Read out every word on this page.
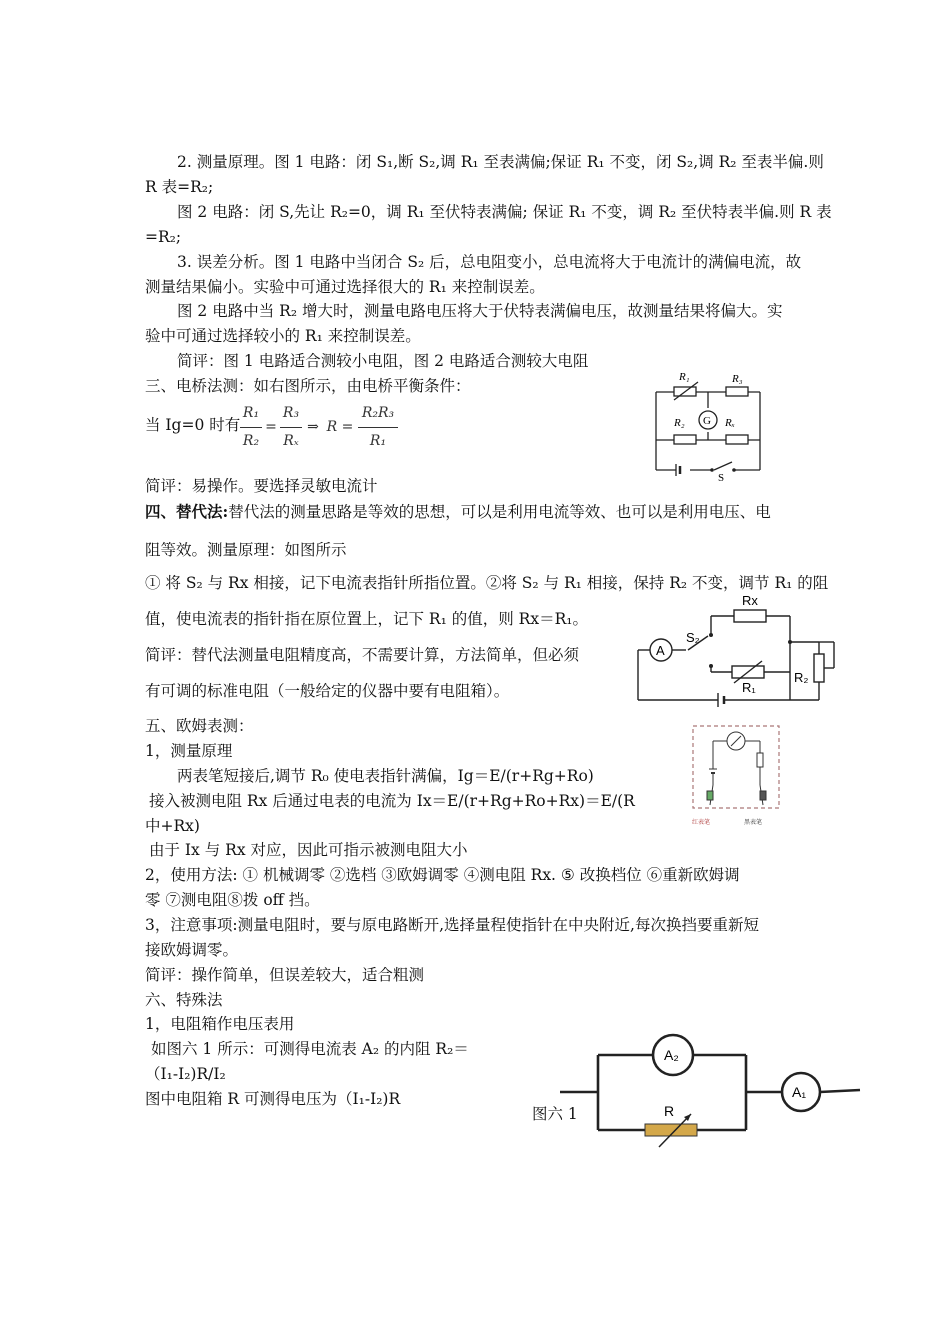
2. 测量原理。图 1 电路：闭 S₁,断 S₂,调 R₁ 至表满偏;保证 R₁ 不变，闭 S₂,调 R₂ 至表半偏.则
R 表=R₂;
图 2 电路：闭 S,先让 R₂=0，调 R₁ 至伏特表满偏; 保证 R₁ 不变，调 R₂ 至伏特表半偏.则 R 表
=R₂;
3. 误差分析。图 1 电路中当闭合 S₂ 后，总电阻变小，总电流将大于电流计的满偏电流，故
测量结果偏小。实验中可通过选择很大的 R₁ 来控制误差。
图 2 电路中当 R₂ 增大时，测量电路电压将大于伏特表满偏电压，故测量结果将偏大。实
验中可通过选择较小的 R₁ 来控制误差。
简评：图 1 电路适合测较小电阻，图 2 电路适合测较大电阻
三、电桥法测：如右图所示，由电桥平衡条件：
当 Ig=0 时有
R₁
R₂
=
R₃
Rₓ
⇒ R =
R₂R₃
R₁
简评：易操作。要选择灵敏电流计
四、替代法:替代法的测量思路是等效的思想，可以是利用电流等效、也可以是利用电压、电
阻等效。测量原理：如图所示
① 将 S₂ 与 Rx 相接，记下电流表指针所指位置。②将 S₂ 与 R₁ 相接，保持 R₂ 不变，调节 R₁ 的阻
值，使电流表的指针指在原位置上，记下 R₁ 的值，则 Rx＝R₁。
简评：替代法测量电阻精度高，不需要计算，方法简单，但必须
有可调的标准电阻（一般给定的仪器中要有电阻箱）。
五、欧姆表测：
1，测量原理
两表笔短接后,调节 R₀ 使电表指针满偏，Ig＝E/(r+Rg+Ro)
接入被测电阻 Rx 后通过电表的电流为 Ix＝E/(r+Rg+Ro+Rx)＝E/(R
中+Rx)
由于 Ix 与 Rx 对应，因此可指示被测电阻大小
2，使用方法: ① 机械调零 ②选档 ③欧姆调零 ④测电阻 Rx. ⑤ 改换档位 ⑥重新欧姆调
零 ⑦测电阻⑧拨 off 挡。
3，注意事项:测量电阻时，要与原电路断开,选择量程使指针在中央附近,每次换挡要重新短
接欧姆调零。
简评：操作简单，但误差较大，适合粗测
六、特殊法
1，电阻箱作电压表用
如图六 1 所示：可测得电流表 A₂ 的内阻 R₂＝
（I₁-I₂)R/I₂
图中电阻箱 R 可测得电压为（I₁-I₂)R
图六 1
R₁	R₃
R₂	Rₓ
G
S
Rx
S₂
A
R₁
R₂
红表笔	黑表笔
A₂
A₁
R
